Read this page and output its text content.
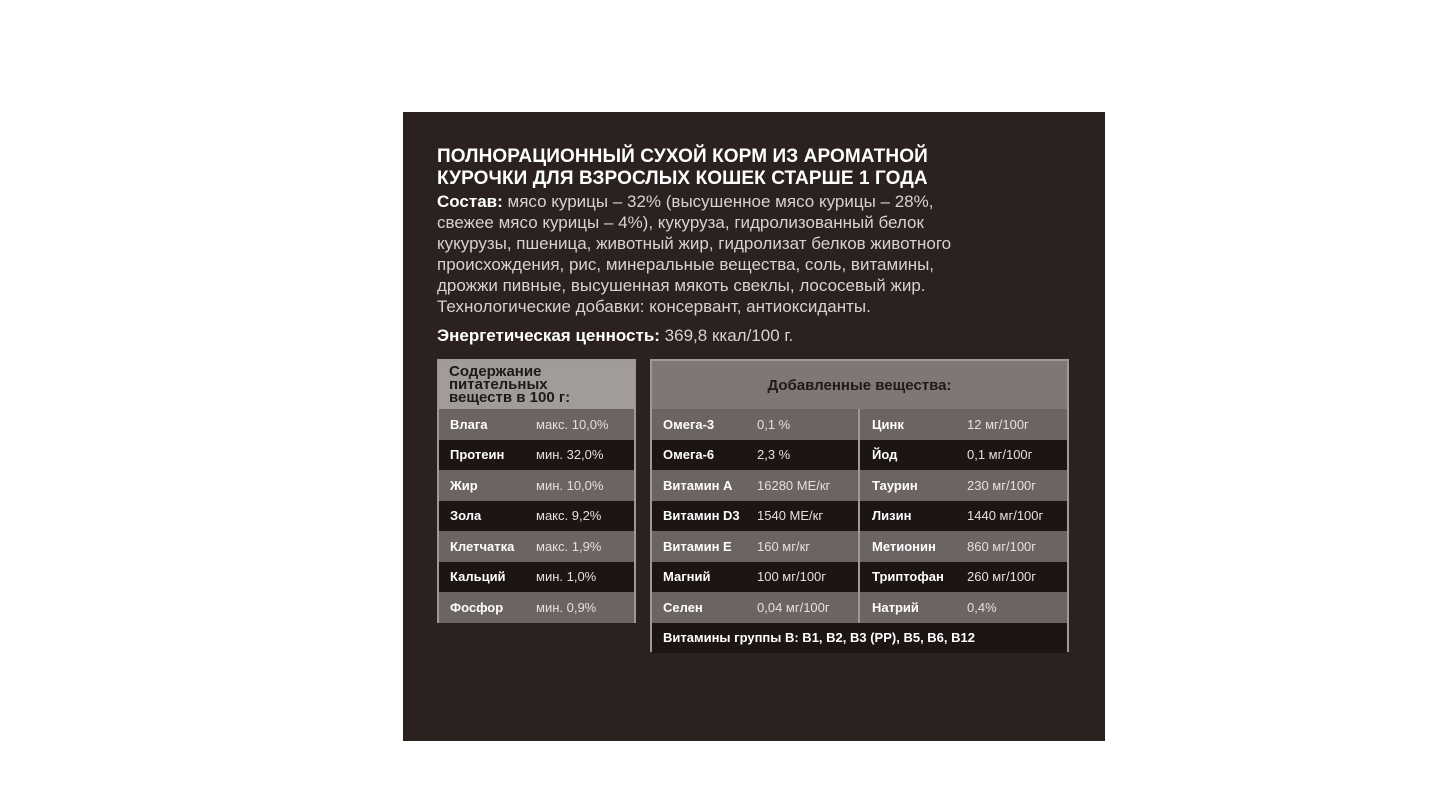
ПОЛНОРАЦИОННЫЙ СУХОЙ КОРМ ИЗ АРОМАТНОЙ
КУРОЧКИ ДЛЯ ВЗРОСЛЫХ КОШЕК СТАРШЕ 1 ГОДА
Состав: мясо курицы – 32% (высушенное мясо курицы – 28%,
свежее мясо курицы – 4%), кукуруза, гидролизованный белок
кукурузы, пшеница, животный жир, гидролизат белков животного
происхождения, рис, минеральные вещества, соль, витамины,
дрожжи пивные, высушенная мякоть свеклы, лососевый жир.
Технологические добавки: консервант, антиоксиданты.
Энергетическая ценность: 369,8 ккал/100 г.
Содержание
питательных
веществ в 100 г:
Влага	макс. 10,0%
Протеин	мин. 32,0%
Жир	мин. 10,0%
Зола	макс. 9,2%
Клетчатка	макс. 1,9%
Кальций	мин. 1,0%
Фосфор	мин. 0,9%
Добавленные вещества:
Омега-3	0,1 %	Цинк	12 мг/100г
Омега-6	2,3 %	Йод	0,1 мг/100г
Витамин А 16280 МЕ/кг	Таурин	230 мг/100г
Витамин D3 1540 МЕ/кг	Лизин	1440 мг/100г
Витамин Е 160 мг/кг	Метионин 860 мг/100г
Магний	100 мг/100г	Триптофан 260 мг/100г
Селен	0,04 мг/100г	Натрий	0,4%
Витамины группы В: В1, В2, В3 (РР), В5, В6, В12
